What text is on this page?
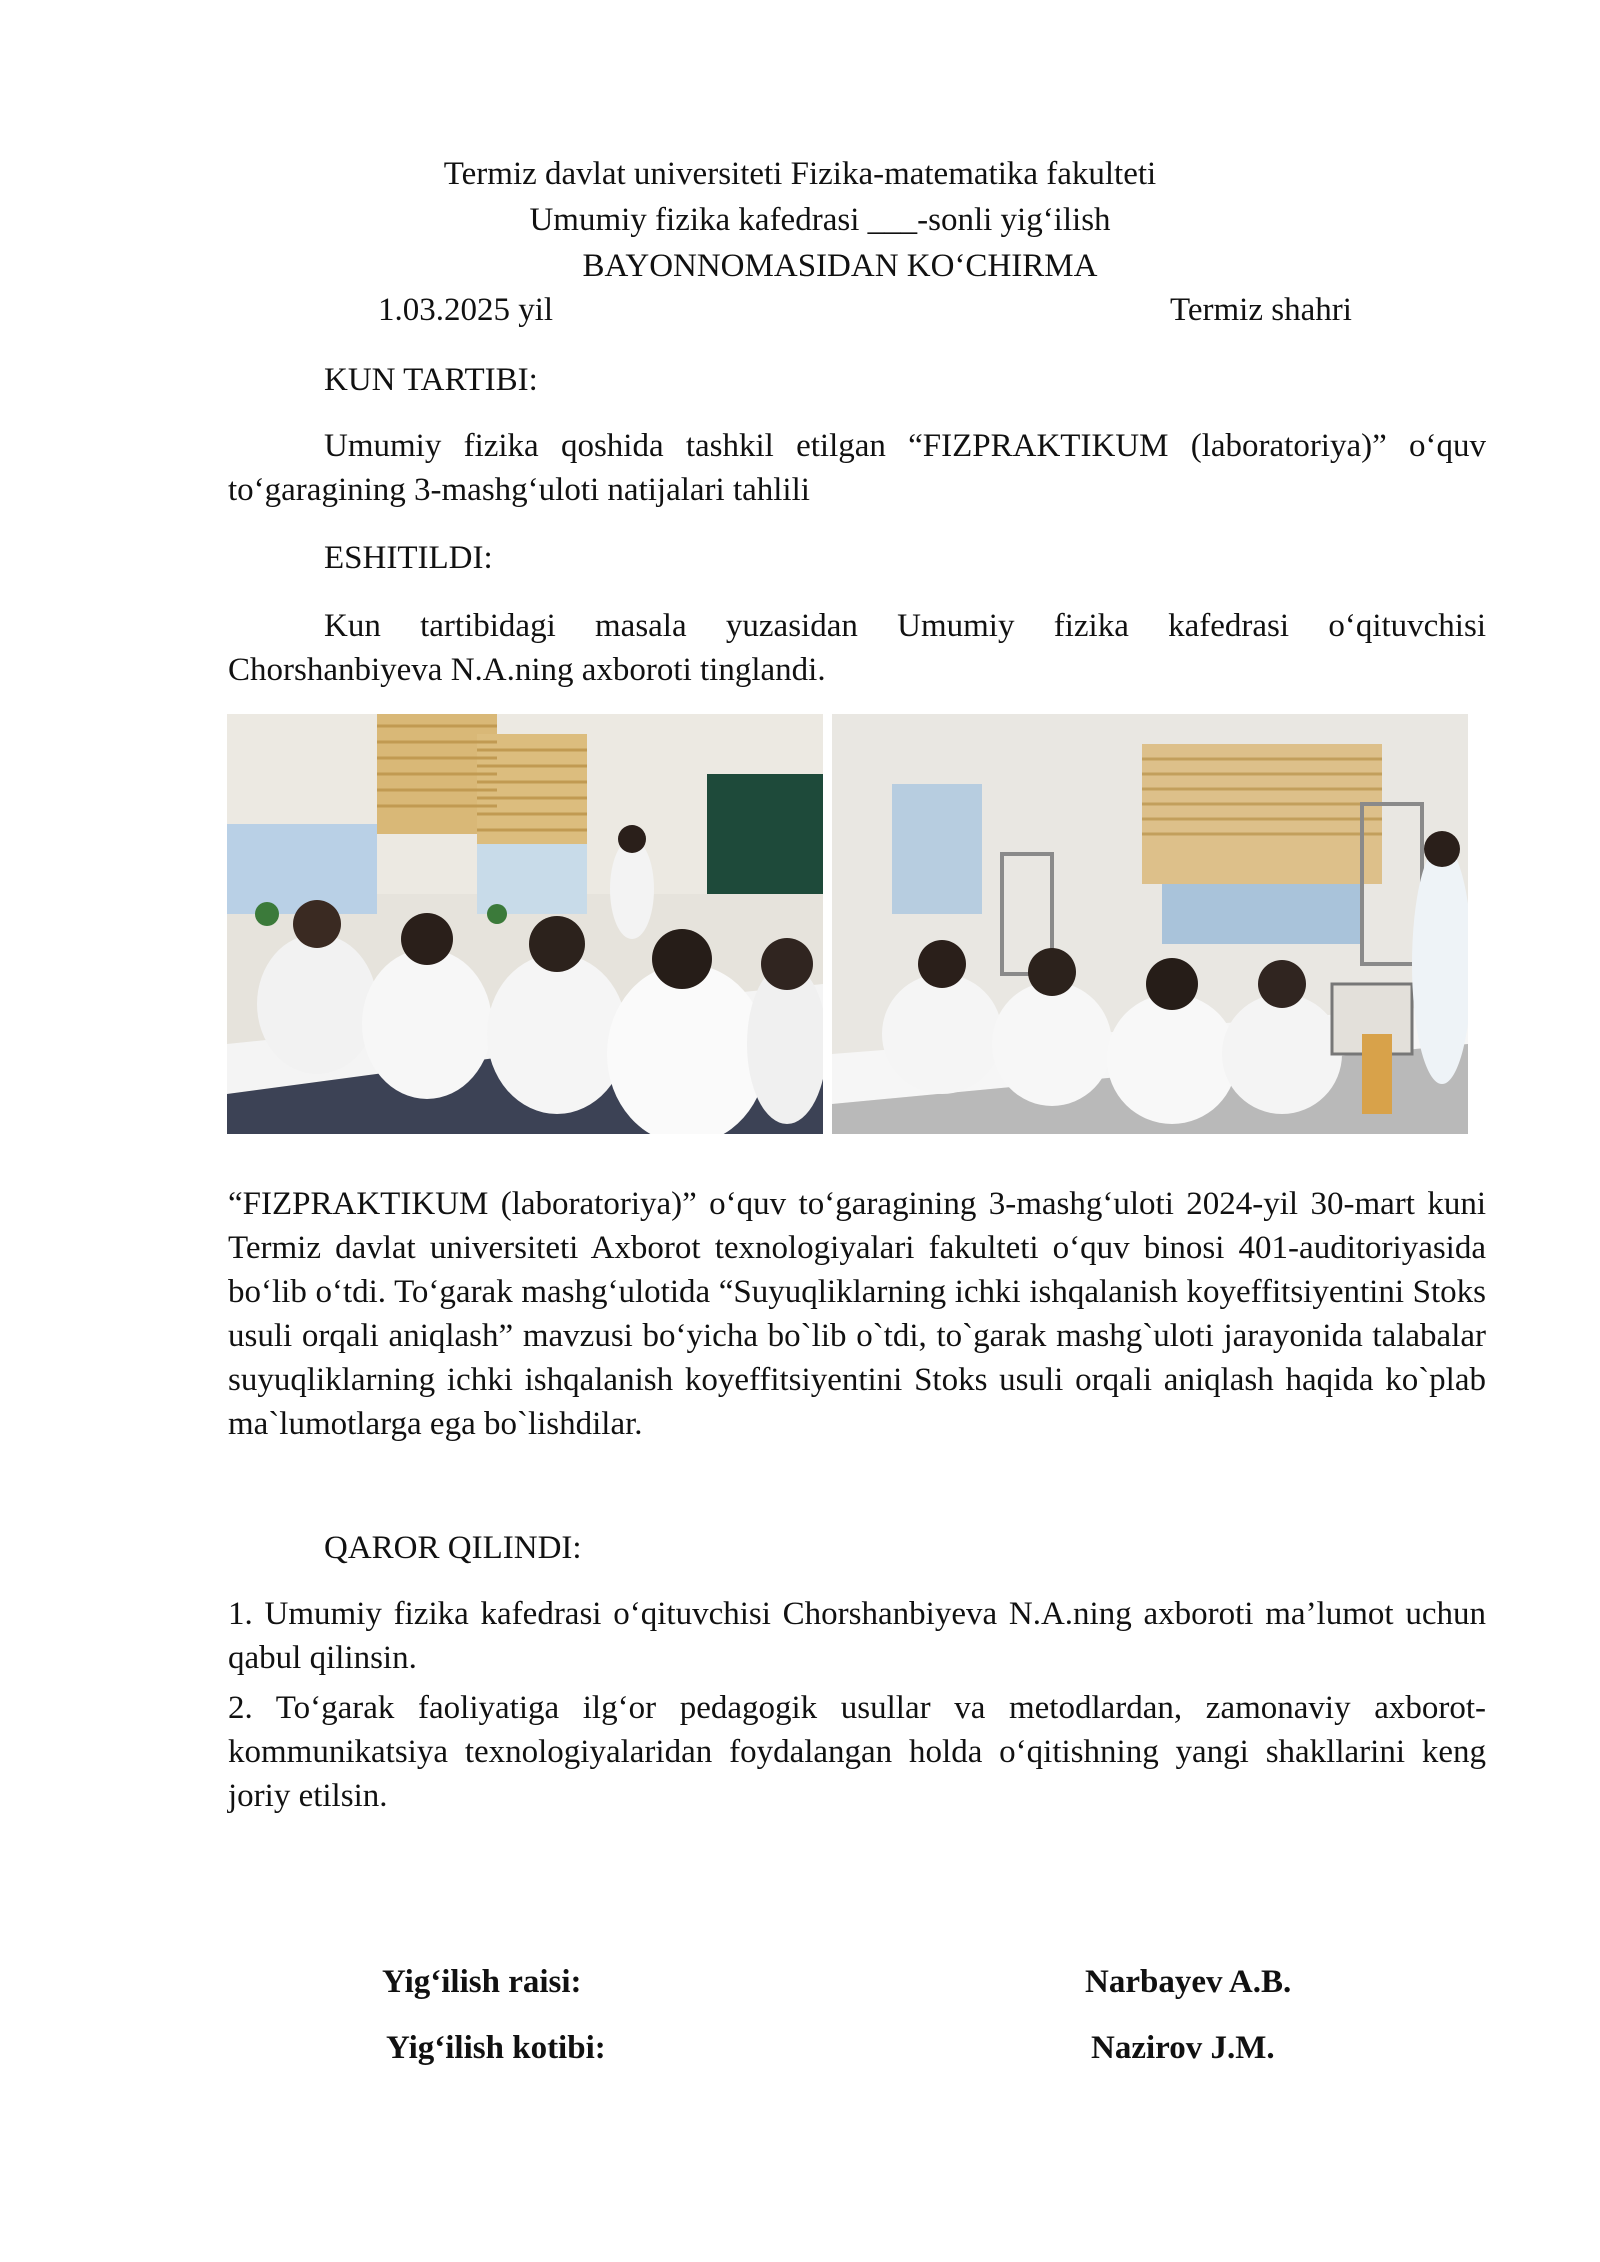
Termiz davlat universiteti Fizika-matematika fakulteti
Umumiy fizika kafedrasi ___-sonli yig‘ilish
BAYONNOMASIDAN KO‘CHIRMA
1.03.2025 yil	Termiz shahri
KUN TARTIBI:
Umumiy fizika qoshida tashkil etilgan “FIZPRAKTIKUM (laboratoriya)” o‘quv to‘garagining 3-mashg‘uloti natijalari tahlili
ESHITILDI:
Kun tartibidagi masala yuzasidan Umumiy fizika kafedrasi o‘qituvchisi Chorshanbiyeva N.A.ning axboroti tinglandi.
“FIZPRAKTIKUM (laboratoriya)” o‘quv to‘garagining 3-mashg‘uloti 2024-yil 30-mart kuni Termiz davlat universiteti Axborot texnologiyalari fakulteti o‘quv binosi 401-auditoriyasida bo‘lib o‘tdi. To‘garak mashg‘ulotida “Suyuqliklarning ichki ishqalanish koyeffitsiyentini Stoks usuli orqali aniqlash” mavzusi bo‘yicha bo`lib o`tdi, to`garak mashg`uloti jarayonida talabalar suyuqliklarning ichki ishqalanish koyeffitsiyentini Stoks usuli orqali aniqlash haqida ko`plab ma`lumotlarga ega bo`lishdilar.
QAROR QILINDI:
1. Umumiy fizika kafedrasi o‘qituvchisi Chorshanbiyeva N.A.ning axboroti ma’lumot uchun qabul qilinsin.
2. To‘garak faoliyatiga ilg‘or pedagogik usullar va metodlardan, zamonaviy axborot-kommunikatsiya texnologiyalaridan foydalangan holda o‘qitishning yangi shakllarini keng joriy etilsin.
Yig‘ilish raisi:	Narbayev A.B.
Yig‘ilish kotibi:	Nazirov J.M.
